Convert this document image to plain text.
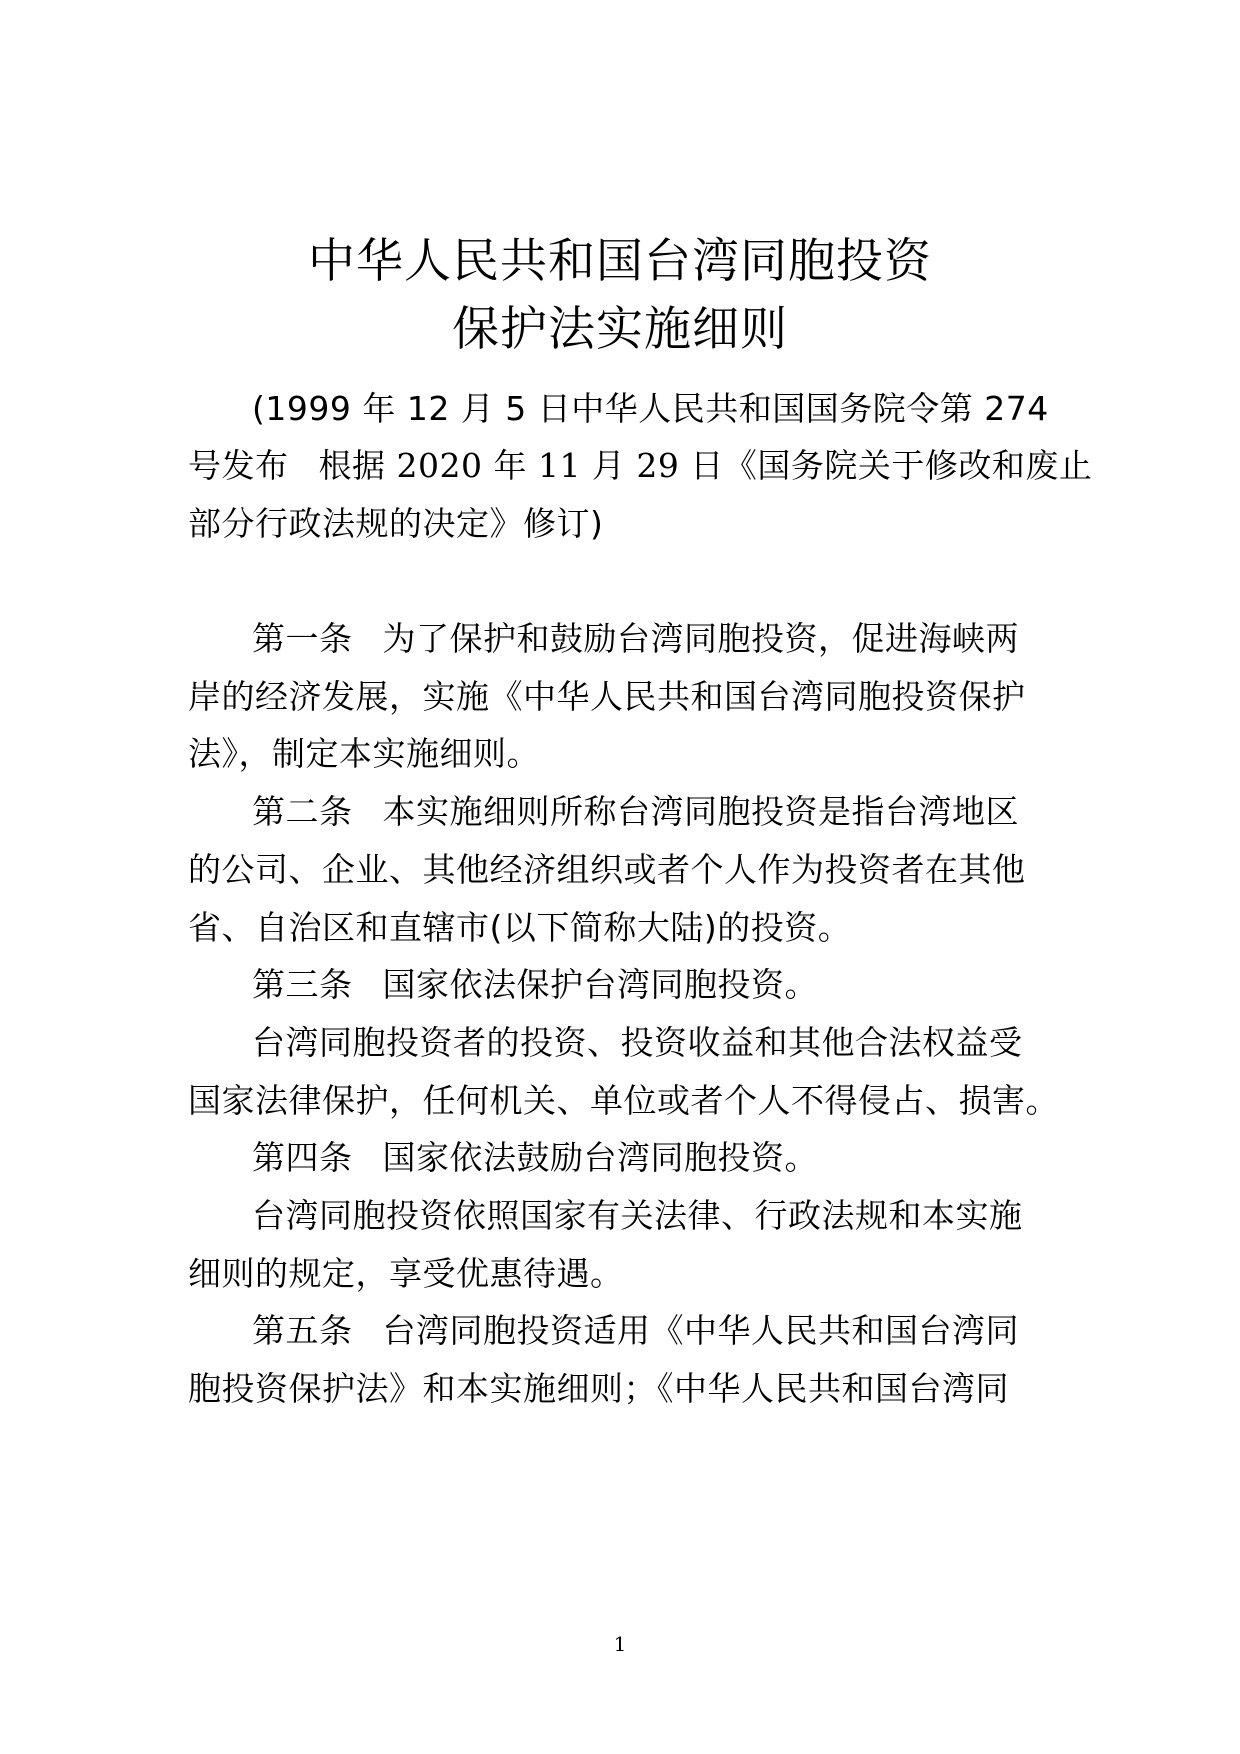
中华人民共和国台湾同胞投资
保护法实施细则
(1999 年 12 月 5 日中华人民共和国国务院令第 274
号发布 根据 2020 年 11 月 29 日《国务院关于修改和废止
部分行政法规的决定》修订)
第一条 为了保护和鼓励台湾同胞投资，促进海峡两
岸的经济发展，实施《中华人民共和国台湾同胞投资保护
法》，制定本实施细则。
第二条 本实施细则所称台湾同胞投资是指台湾地区
的公司、企业、其他经济组织或者个人作为投资者在其他
省、自治区和直辖市(以下简称大陆)的投资。
第三条 国家依法保护台湾同胞投资。
台湾同胞投资者的投资、投资收益和其他合法权益受
国家法律保护，任何机关、单位或者个人不得侵占、损害。
第四条 国家依法鼓励台湾同胞投资。
台湾同胞投资依照国家有关法律、行政法规和本实施
细则的规定，享受优惠待遇。
第五条 台湾同胞投资适用《中华人民共和国台湾同
胞投资保护法》和本实施细则；《中华人民共和国台湾同
1
